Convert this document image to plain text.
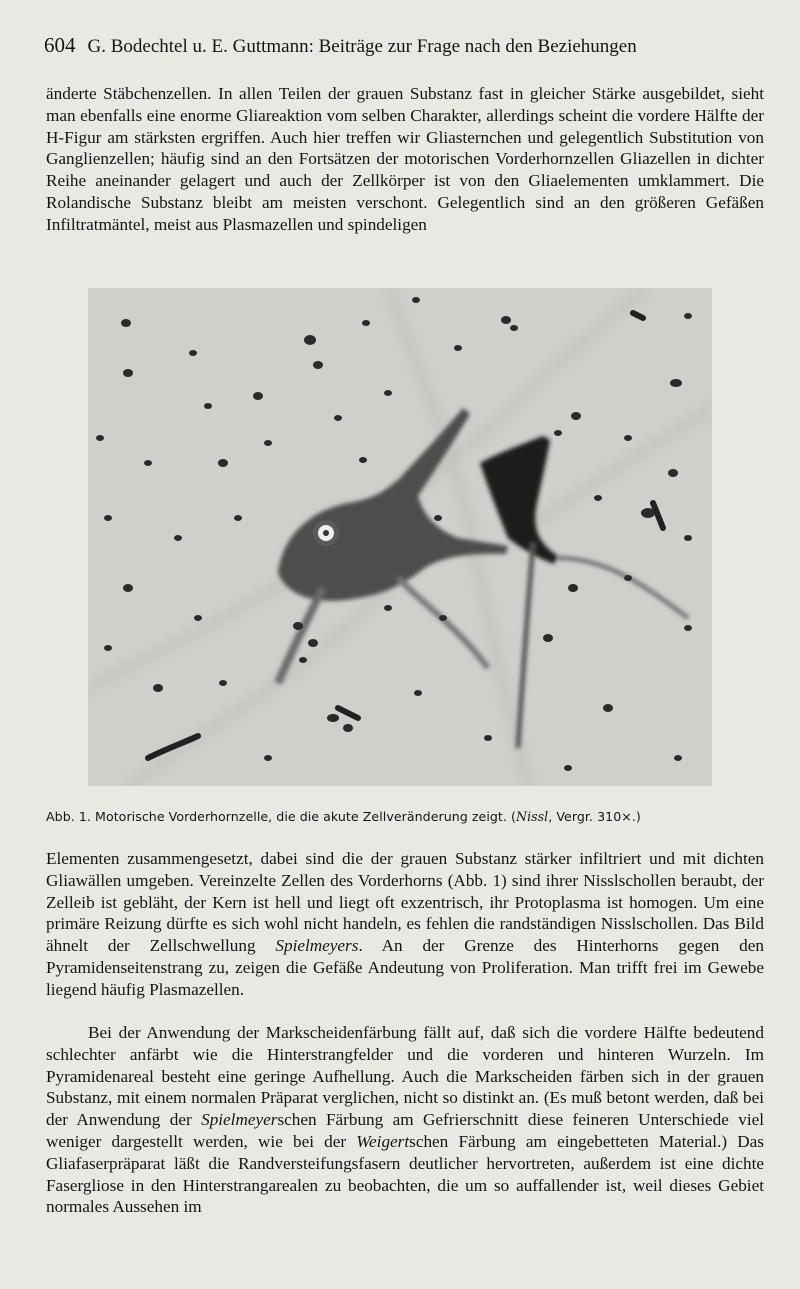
604 G. Bodechtel u. E. Guttmann: Beiträge zur Frage nach den Beziehungen
änderte Stäbchenzellen. In allen Teilen der grauen Substanz fast in gleicher Stärke ausgebildet, sieht man ebenfalls eine enorme Gliareaktion vom selben Charakter, allerdings scheint die vordere Hälfte der H-Figur am stärksten ergriffen. Auch hier treffen wir Gliasternchen und gelegentlich Substitution von Ganglienzellen; häufig sind an den Fortsätzen der motorischen Vorderhornzellen Gliazellen in dichter Reihe aneinander gelagert und auch der Zellkörper ist von den Gliaelementen umklammert. Die Rolandische Substanz bleibt am meisten verschont. Gelegentlich sind an den größeren Gefäßen Infiltratmäntel, meist aus Plasmazellen und spindeligen
Abb. 1. Motorische Vorderhornzelle, die die akute Zellveränderung zeigt. (Nissl, Vergr. 310×.)
Elementen zusammengesetzt, dabei sind die der grauen Substanz stärker infiltriert und mit dichten Gliawällen umgeben. Vereinzelte Zellen des Vorderhorns (Abb. 1) sind ihrer Nisslschollen beraubt, der Zelleib ist gebläht, der Kern ist hell und liegt oft exzentrisch, ihr Protoplasma ist homogen. Um eine primäre Reizung dürfte es sich wohl nicht handeln, es fehlen die randständigen Nisslschollen. Das Bild ähnelt der Zellschwellung Spielmeyers. An der Grenze des Hinterhorns gegen den Pyramidenseitenstrang zu, zeigen die Gefäße Andeutung von Proliferation. Man trifft frei im Gewebe liegend häufig Plasmazellen.
Bei der Anwendung der Markscheidenfärbung fällt auf, daß sich die vordere Hälfte bedeutend schlechter anfärbt wie die Hinterstrangfelder und die vorderen und hinteren Wurzeln. Im Pyramidenareal besteht eine geringe Aufhellung. Auch die Markscheiden färben sich in der grauen Substanz, mit einem normalen Präparat verglichen, nicht so distinkt an. (Es muß betont werden, daß bei der Anwendung der Spielmeyerschen Färbung am Gefrierschnitt diese feineren Unterschiede viel weniger dargestellt werden, wie bei der Weigertschen Färbung am eingebetteten Material.) Das Gliafaserpräparat läßt die Randversteifungsfasern deutlicher hervortreten, außerdem ist eine dichte Fasergliose in den Hinterstrangarealen zu beobachten, die um so auffallender ist, weil dieses Gebiet normales Aussehen im
